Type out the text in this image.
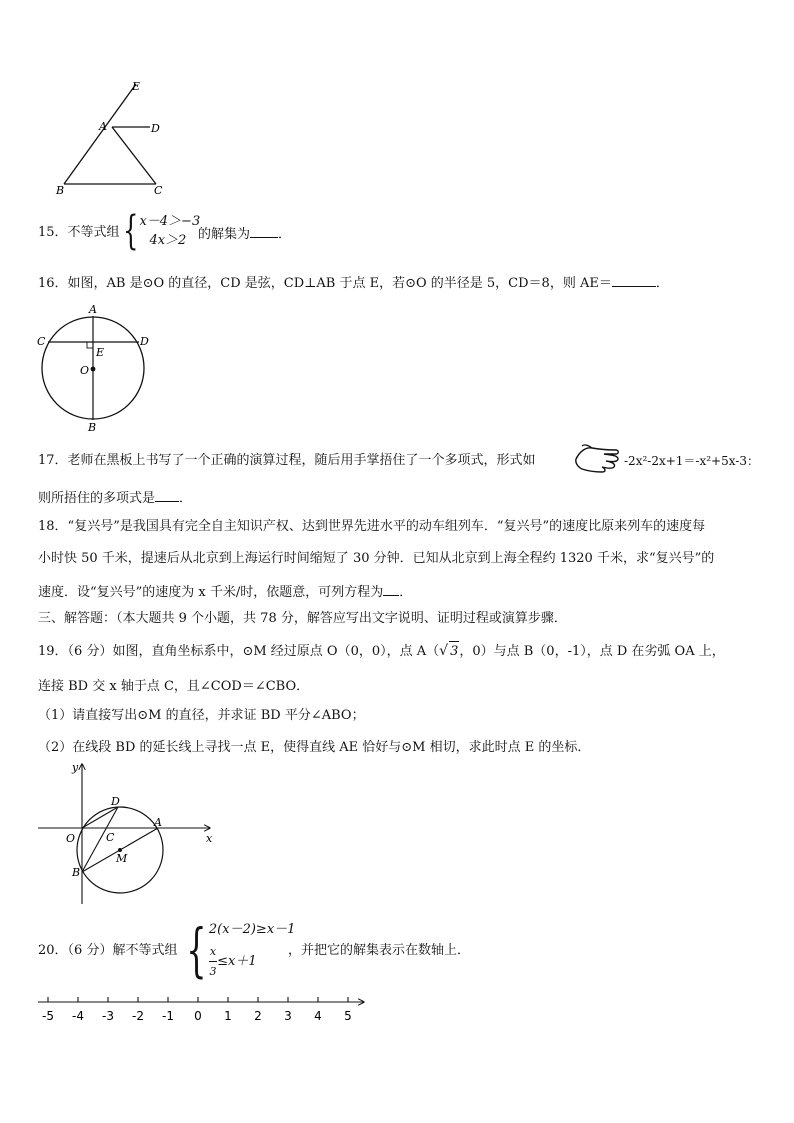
E
A	D
B	C
15．不等式组 { x－4＞−3
4x＞2 的解集为 ．
16．如图，AB 是⊙O 的直径，CD 是弦，CD⊥AB 于点 E，若⊙O 的半径是 5，CD＝8，则 AE＝	．
A
C	D
E
O
B
17．老师在黑板上书写了一个正确的演算过程，随后用手掌捂住了一个多项式，形式如	-2x²-2x+1＝-x²+5x-3：
则所捂住的多项式是 ．
18．“复兴号”是我国具有完全自主知识产权、达到世界先进水平的动车组列车．“复兴号”的速度比原来列车的速度每
小时快 50 千米，提速后从北京到上海运行时间缩短了 30 分钟．已知从北京到上海全程约 1320 千米，求“复兴号”的
速度．设“复兴号”的速度为 x 千米/时，依题意，可列方程为 ．
三、解答题：（本大题共 9 个小题，共 78 分，解答应写出文字说明、证明过程或演算步骤．
19．（6 分）如图，直角坐标系中，⊙M 经过原点 O（0，0），点 A（√ 3，0）与点 B（0，-1），点 D 在劣弧 OA 上，
连接 BD 交 x 轴于点 C，且∠COD＝∠CBO．
（1）请直接写出⊙M 的直径，并求证 BD 平分∠ABO；
（2）在线段 BD 的延长线上寻找一点 E，使得直线 AE 恰好与⊙M 相切，求此时点 E 的坐标．
y
x
O
D
A
C
M
B
20．（6 分）解不等式组 { 2(x－2)≥x－1
$\frac{x}{3} \le x+1$
，并把它的解集表示在数轴上．
-5 -4 -3 -2 -1 0 1 2 3 4 5
